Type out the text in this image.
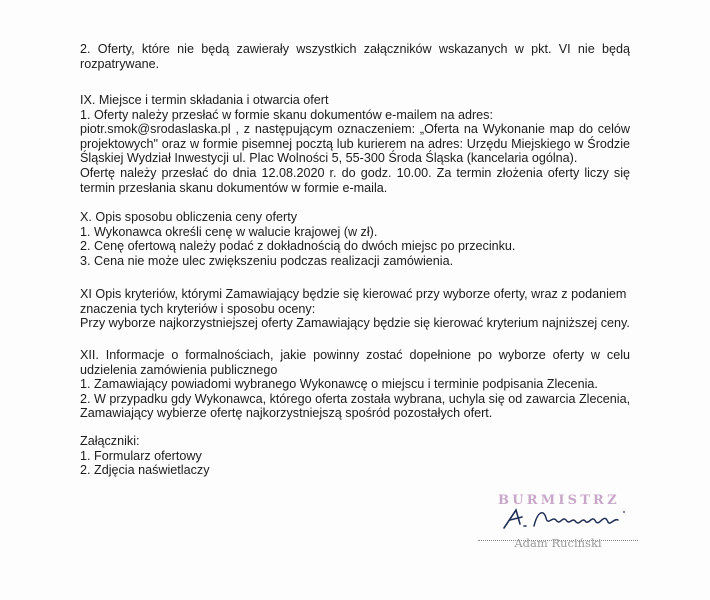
2. Oferty, które nie będą zawierały wszystkich załączników wskazanych w pkt. VI nie będą
rozpatrywane.
IX. Miejsce i termin składania i otwarcia ofert
1. Oferty należy przesłać w formie skanu dokumentów e-mailem na adres:
piotr.smok@srodaslaska.pl , z następującym oznaczeniem: „Oferta na Wykonanie map do celów
projektowych" oraz w formie pisemnej pocztą lub kurierem na adres: Urzędu Miejskiego w Środzie
Śląskiej Wydział Inwestycji ul. Plac Wolności 5, 55-300 Środa Śląska (kancelaria ogólna).
Ofertę należy przesłać do dnia 12.08.2020 r. do godz. 10.00. Za termin złożenia oferty liczy się
termin przesłania skanu dokumentów w formie e-maila.
X. Opis sposobu obliczenia ceny oferty
1. Wykonawca określi cenę w walucie krajowej (w zł).
2. Cenę ofertową należy podać z dokładnością do dwóch miejsc po przecinku.
3. Cena nie może ulec zwiększeniu podczas realizacji zamówienia.
XI Opis kryteriów, którymi Zamawiający będzie się kierować przy wyborze oferty, wraz z podaniem
znaczenia tych kryteriów i sposobu oceny:
Przy wyborze najkorzystniejszej oferty Zamawiający będzie się kierować kryterium najniższej ceny.
XII. Informacje o formalnościach, jakie powinny zostać dopełnione po wyborze oferty w celu
udzielenia zamówienia publicznego
1. Zamawiający powiadomi wybranego Wykonawcę o miejscu i terminie podpisania Zlecenia.
2. W przypadku gdy Wykonawca, którego oferta została wybrana, uchyla się od zawarcia Zlecenia,
Zamawiający wybierze ofertę najkorzystniejszą spośród pozostałych ofert.
Załączniki:
1. Formularz ofertowy
2. Zdjęcia naświetlaczy
BURMISTRZ
Adam Ruciński
